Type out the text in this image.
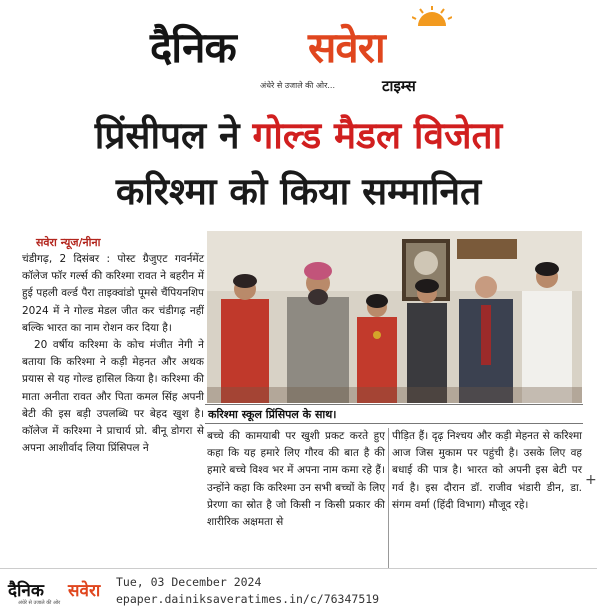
दैनिक सवेरा
अंधेरे से उजाले की ओर...	टाइम्स
प्रिंसीपल ने गोल्ड मैडल विजेता
करिश्मा को किया सम्मानित
सवेरा न्यूज/नीना

चंडीगढ़, 2 दिसंबर : पोस्ट ग्रैजुएट गवर्नमेंट कॉलेज फॉर गर्ल्स की करिश्मा रावत ने बहरीन में हुई पहली वर्ल्ड पैरा ताइक्वांडो पूमसे चैंपियनशिप 2024 में ने गोल्ड मेडल जीत कर चंडीगढ़ नहीं बल्कि भारत का नाम रोशन कर दिया है।

20 वर्षीय करिश्मा के कोच मंजीत नेगी ने बताया कि करिश्मा ने कड़ी मेहनत और अथक प्रयास से यह गोल्ड हासिल किया है। करिश्मा की माता अनीता रावत और पिता कमल सिंह अपनी बेटी की इस बड़ी उपलब्धि पर बेहद खुश है। कॉलेज में करिश्मा ने प्राचार्य प्रो. बीनू डोगरा से अपना आशीर्वाद लिया प्रिंसिपल ने

करिश्मा स्कूल प्रिंसिपल के साथ।

बच्चे की कामयाबी पर खुशी प्रकट करते हुए कहा कि यह हमारे लिए गौरव की बात है की हमारे बच्चे विश्व भर में अपना नाम कमा रहे हैं। उन्होंने कहा कि करिश्मा उन सभी बच्चों के लिए प्रेरणा का स्रोत है जो किसी न किसी प्रकार की शारीरिक अक्षमता से

पीड़ित हैं। दृढ़ निश्चय और कड़ी मेहनत से करिश्मा आज जिस मुकाम पर पहुंची है। उसके लिए वह बधाई की पात्र है। भारत को अपनी इस बेटी पर गर्व है। इस दौरान डॉ. राजीव भंडारी डीन, डा. संगम वर्मा (हिंदी विभाग) मौजूद रहे।

+
दैनिक सवेरा
अंधेरे से उजाले की ओर
Tue, 03 December 2024
epaper.dainiksaveratimes.in/c/76347519
